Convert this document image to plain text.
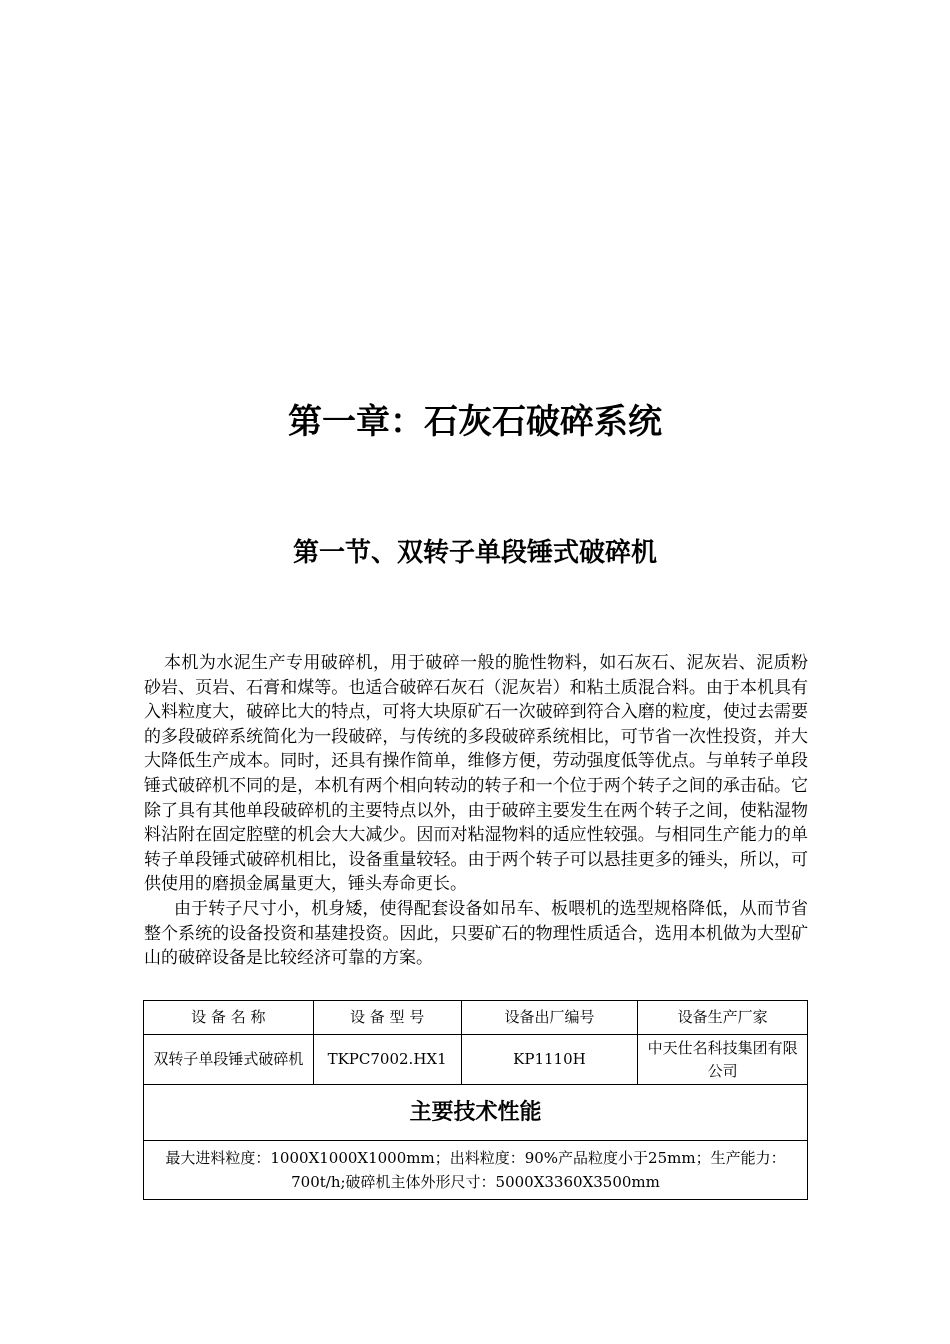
第一章：石灰石破碎系统
第一节、双转子单段锤式破碎机

本机为水泥生产专用破碎机，用于破碎一般的脆性物料，如石灰石、泥灰岩、泥质粉砂岩、页岩、石膏和煤等。也适合破碎石灰石（泥灰岩）和粘土质混合料。由于本机具有入料粒度大，破碎比大的特点，可将大块原矿石一次破碎到符合入磨的粒度，使过去需要的多段破碎系统简化为一段破碎，与传统的多段破碎系统相比，可节省一次性投资，并大大降低生产成本。同时，还具有操作简单，维修方便，劳动强度低等优点。与单转子单段锤式破碎机不同的是，本机有两个相向转动的转子和一个位于两个转子之间的承击砧。它除了具有其他单段破碎机的主要特点以外，由于破碎主要发生在两个转子之间，使粘湿物料沾附在固定腔壁的机会大大减少。因而对粘湿物料的适应性较强。与相同生产能力的单转子单段锤式破碎机相比，设备重量较轻。由于两个转子可以悬挂更多的锤头，所以，可供使用的磨损金属量更大，锤头寿命更长。

由于转子尺寸小，机身矮，使得配套设备如吊车、板喂机的选型规格降低，从而节省整个系统的设备投资和基建投资。因此，只要矿石的物理性质适合，选用本机做为大型矿山的破碎设备是比较经济可靠的方案。

设 备 名 称	设 备 型 号	设备出厂编号	设备生产厂家
双转子单段锤式破碎机	TKPC7002.HX1	KP1110H	中天仕名科技集团有限公司
主要技术性能			
最大进料粒度：1000X1000X1000mm；出料粒度：90%产品粒度小于25mm；生产能力：700t/h;破碎机主体外形尺寸：5000X3360X3500mm			
